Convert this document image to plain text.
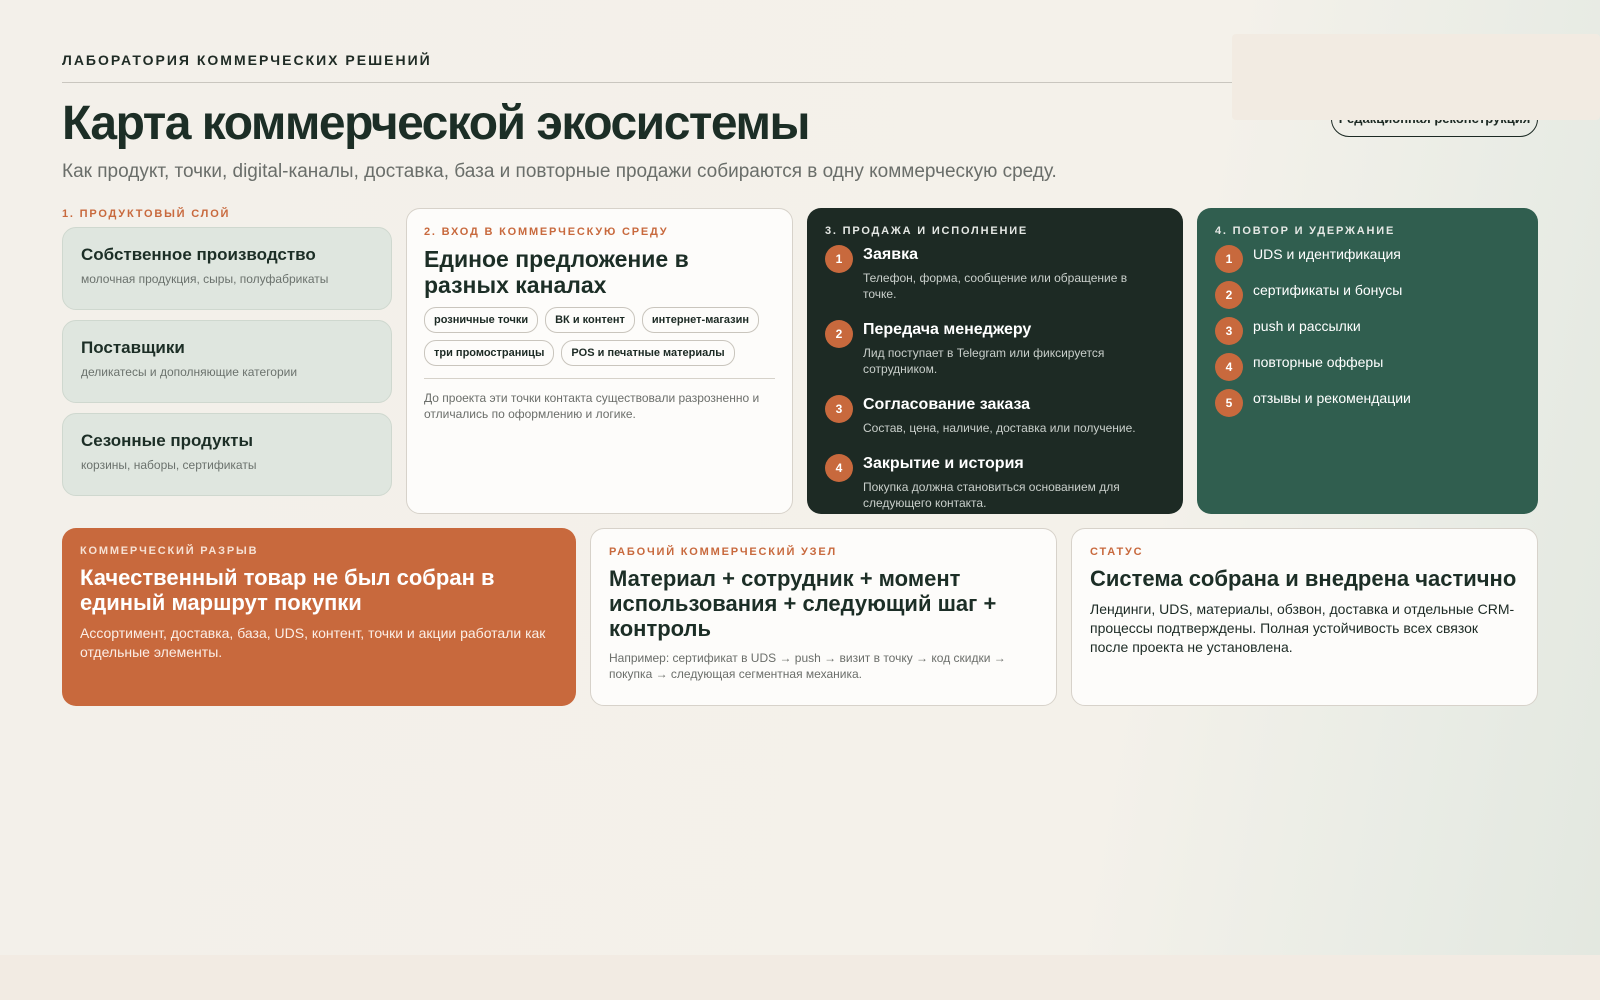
ЛАБОРАТОРИЯ КОММЕРЧЕСКИХ РЕШЕНИЙ
Карта коммерческой экосистемы

Как продукт, точки, digital-каналы, доставка, база и повторные продажи собираются в одну коммерческую среду.

1. ПРОДУКТОВЫЙ СЛОЙ
Собственное производство
молочная продукция, сыры, полуфабрикаты
Поставщики
деликатесы и дополняющие категории
Сезонные продукты
корзины, наборы, сертификаты
2. ВХОД В КОММЕРЧЕСКУЮ СРЕДУ
Единое предложение в разных каналах
розничные точки	ВК и контент	интернет-магазин
три промостраницы	POS и печатные материалы
До проекта эти точки контакта существовали разрозненно и отличались по оформлению и логике.
3. ПРОДАЖА И ИСПОЛНЕНИЕ
1	Заявка
Телефон, форма, сообщение или обращение в точке.
2	Передача менеджеру
Лид поступает в Telegram или фиксируется сотрудником.
3	Согласование заказа
Состав, цена, наличие, доставка или получение.
4	Закрытие и история
Покупка должна становиться основанием для следующего контакта.
4. ПОВТОР И УДЕРЖАНИЕ
1	UDS и идентификация
2	сертификаты и бонусы
3	push и рассылки
4	повторные офферы
5	отзывы и рекомендации
КОММЕРЧЕСКИЙ РАЗРЫВ
Качественный товар не был собран в единый маршрут покупки
Ассортимент, доставка, база, UDS, контент, точки и акции работали как отдельные элементы.
РАБОЧИЙ КОММЕРЧЕСКИЙ УЗЕЛ
Материал + сотрудник + момент использования + следующий шаг + контроль
Например: сертификат в UDS → push → визит в точку → код скидки → покупка → следующая сегментная механика.
СТАТУС
Система собрана и внедрена частично
Лендинги, UDS, материалы, обзвон, доставка и отдельные CRM-процессы подтверждены. Полная устойчивость всех связок после проекта не установлена.
